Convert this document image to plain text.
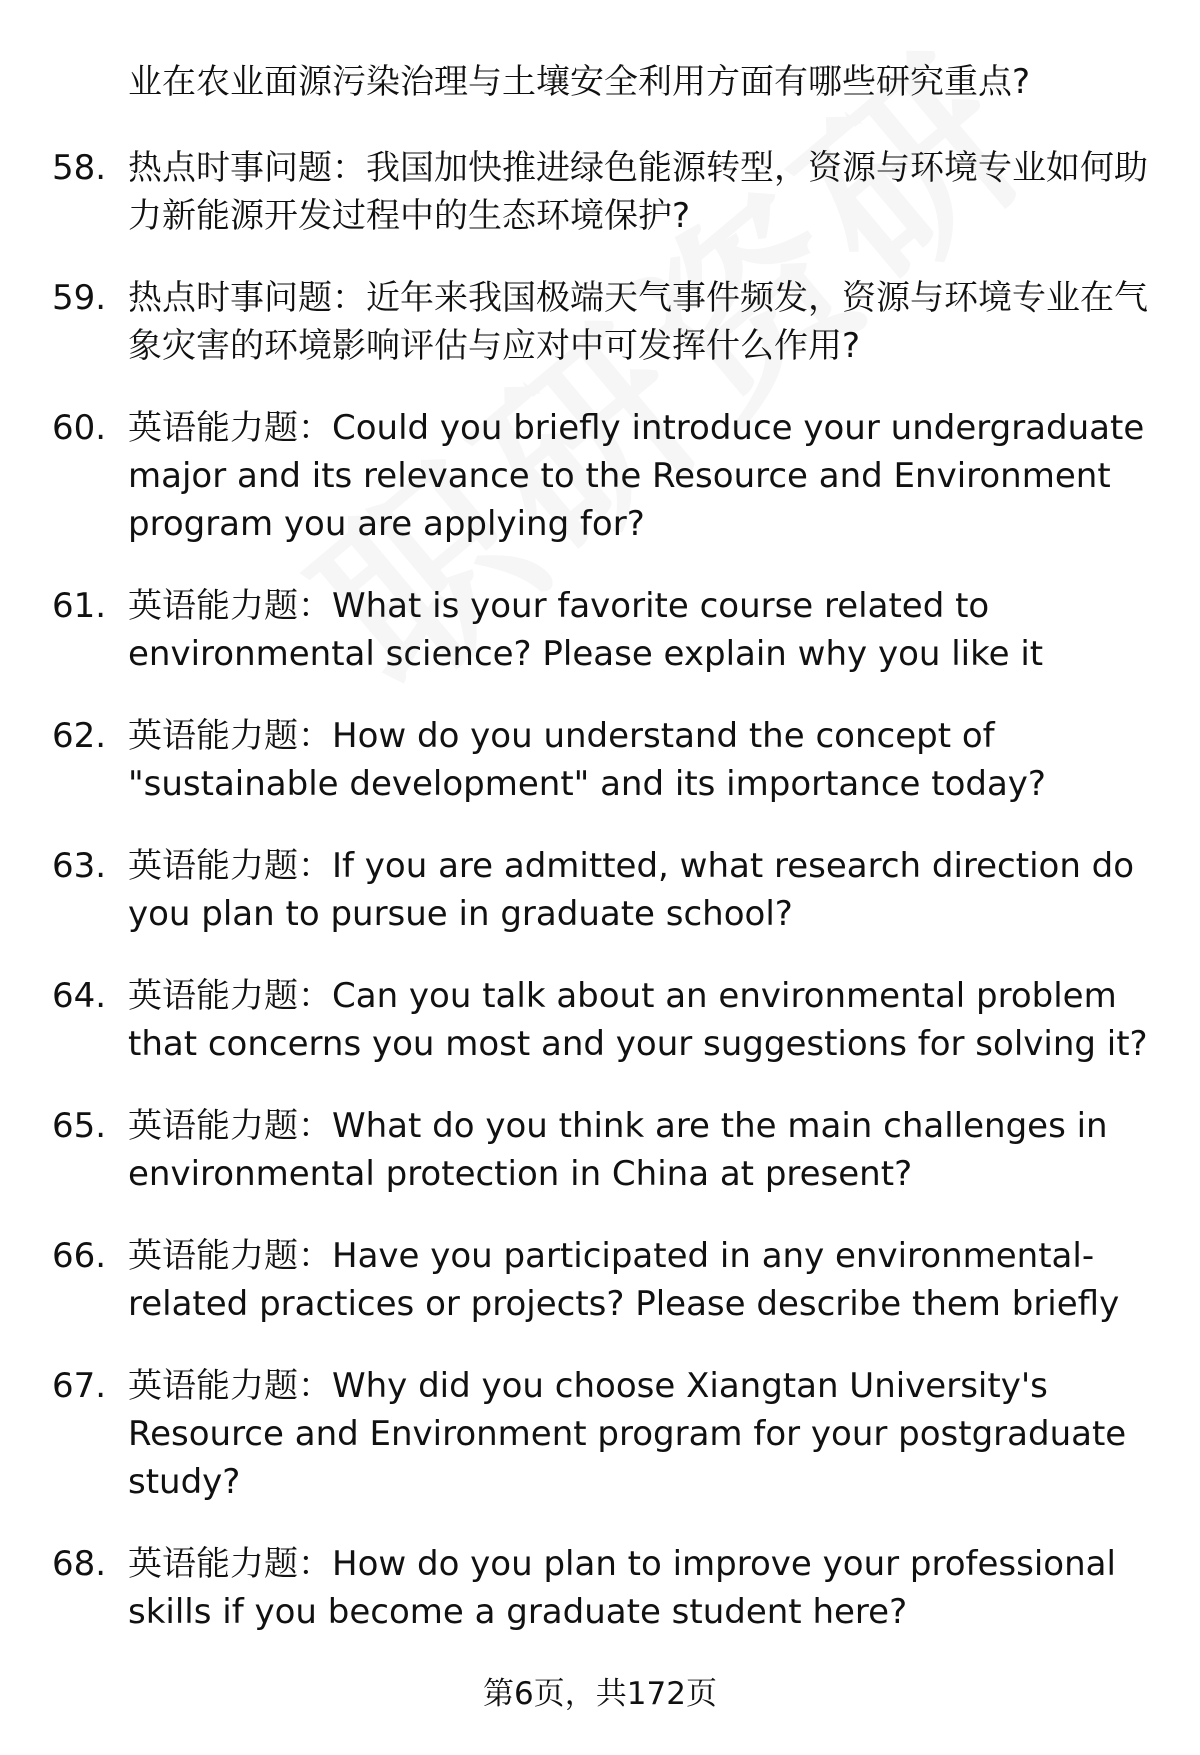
业在农业面源污染治理与土壤安全利用方面有哪些研究重点?
58. 热点时事问题：我国加快推进绿色能源转型，资源与环境专业如何助力新能源开发过程中的生态环境保护?
59. 热点时事问题：近年来我国极端天气事件频发，资源与环境专业在气象灾害的环境影响评估与应对中可发挥什么作用?
60. 英语能力题：Could you briefly introduce your undergraduate major and its relevance to the Resource and Environment program you are applying for?
61. 英语能力题：What is your favorite course related to environmental science? Please explain why you like it
62. 英语能力题：How do you understand the concept of "sustainable development" and its importance today?
63. 英语能力题：If you are admitted, what research direction do you plan to pursue in graduate school?
64. 英语能力题：Can you talk about an environmental problem that concerns you most and your suggestions for solving it?
65. 英语能力题：What do you think are the main challenges in environmental protection in China at present?
66. 英语能力题：Have you participated in any environmental-related practices or projects? Please describe them briefly
67. 英语能力题：Why did you choose Xiangtan University's Resource and Environment program for your postgraduate study?
68. 英语能力题：How do you plan to improve your professional skills if you become a graduate student here?
第6页，共172页
